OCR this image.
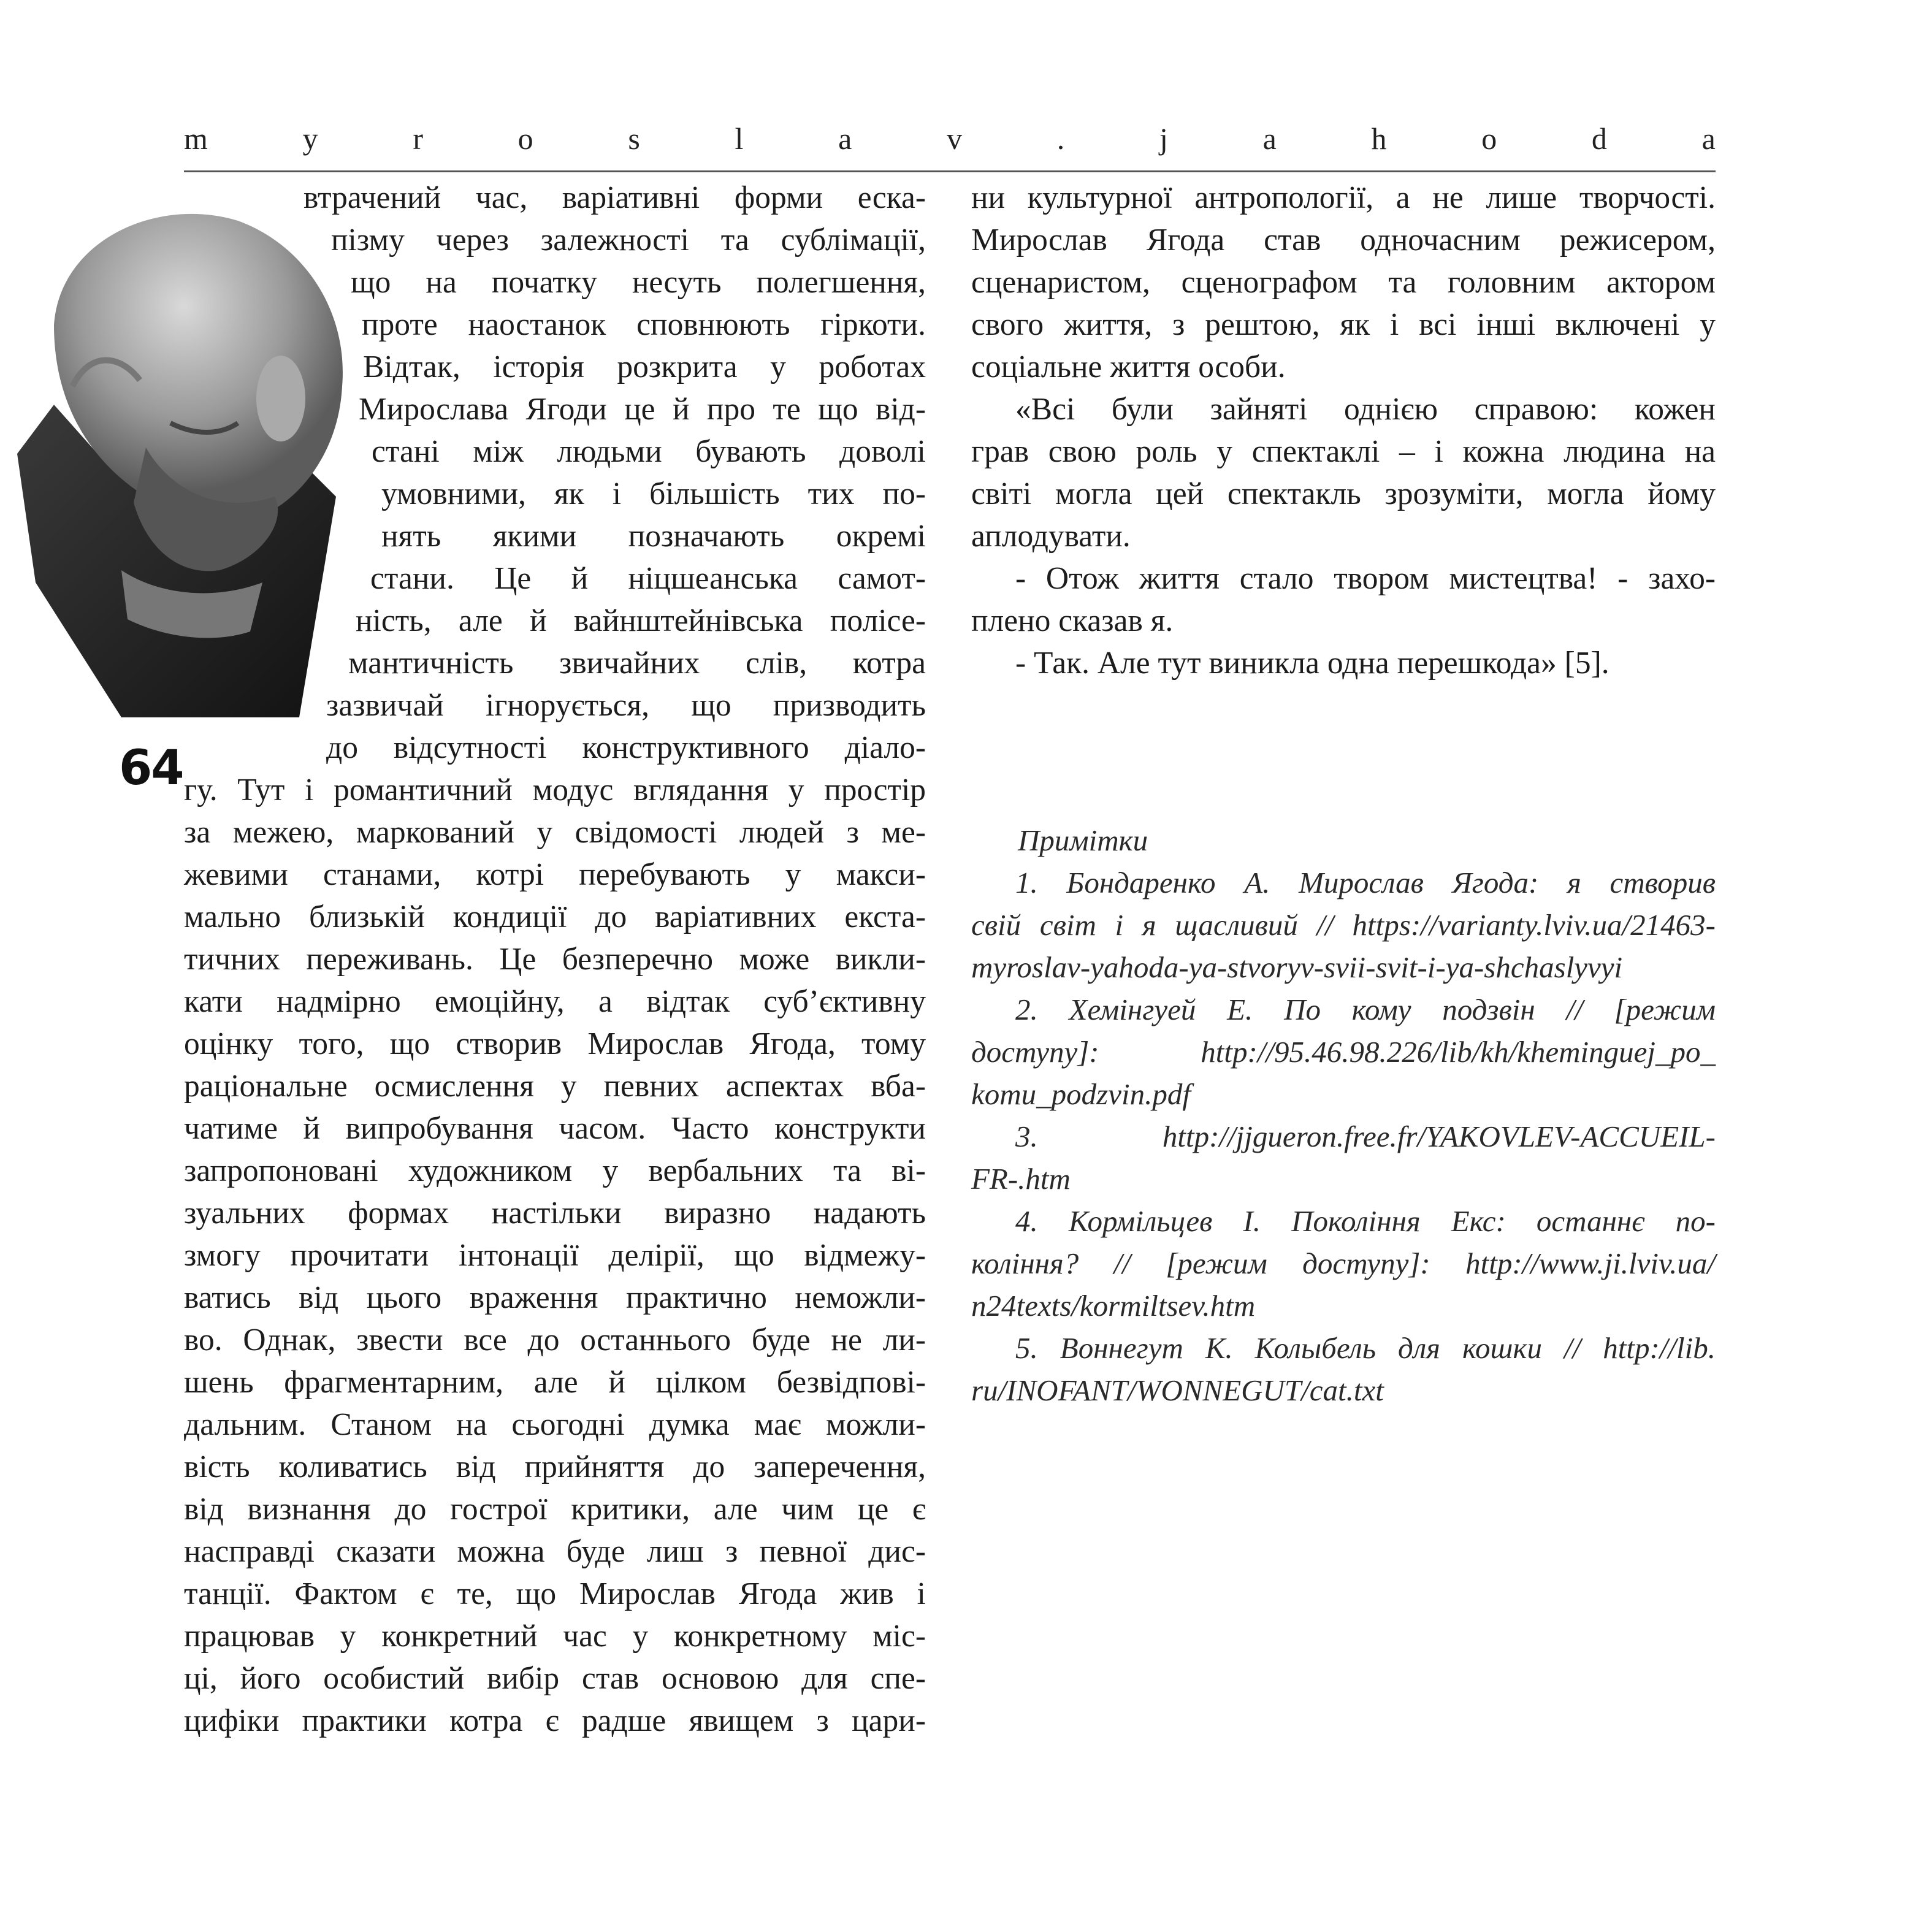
m	y	r	o	s	l	a	v	.	j	a	h	o	d	a
64
втрачений час, варіативні форми еска-
пізму через залежності та сублімації,
що на початку несуть полегшення,
проте наостанок сповнюють гіркоти.
Відтак, історія розкрита у роботах
Мирослава Ягоди це й про те що від-
стані між людьми бувають доволі
умовними, як і більшість тих по-
нять якими позначають окремі
стани. Це й ніцшеанська самот-
ність, але й вайнштейнівська полісе-
мантичність звичайних слів, котра
зазвичай ігнорується, що призводить
до відсутності конструктивного діало-
гу. Тут і романтичний модус вглядання у простір
за межею, маркований у свідомості людей з ме-
жевими станами, котрі перебувають у макси-
мально близькій кондиції до варіативних екста-
тичних переживань. Це безперечно може викли-
кати надмірно емоційну, а відтак суб’єктивну
оцінку того, що створив Мирослав Ягода, тому
раціональне осмислення у певних аспектах вба-
чатиме й випробування часом. Часто конструкти
запропоновані художником у вербальних та ві-
зуальних формах настільки виразно надають
змогу прочитати інтонації делірії, що відмежу-
ватись від цього враження практично неможли-
во. Однак, звести все до останнього буде не ли-
шень фрагментарним, але й цілком безвідпові-
дальним. Станом на сьогодні думка має можли-
вість коливатись від прийняття до заперечення,
від визнання до гострої критики, але чим це є
насправді сказати можна буде лиш з певної дис-
танції. Фактом є те, що Мирослав Ягода жив і
працював у конкретний час у конкретному міс-
ці, його особистий вибір став основою для спе-
цифіки практики котра є радше явищем з цари-
ни культурної антропології, а не лише творчості.
Мирослав Ягода став одночасним режисером,
сценаристом, сценографом та головним актором
свого життя, з рештою, як і всі інші включені у
соціальне життя особи.
«Всі були зайняті однією справою: кожен
грав свою роль у спектаклі – і кожна людина на
світі могла цей спектакль зрозуміти, могла йому
аплодувати.
- Отож життя стало твором мистецтва! - захо-
плено сказав я.
- Так. Але тут виникла одна перешкода» [5].
Примітки
1. Бондаренко А. Мирослав Ягода: я створив
свій світ і я щасливий // https://varianty.lviv.ua/21463-
myroslav-yahoda-ya-stvoryv-svii-svit-i-ya-shchaslyvyi
2. Хемінгуей Е. По кому подзвін // [режим
доступу]: http://95.46.98.226/lib/kh/kheminguej_po_
komu_podzvin.pdf
3. http://jjgueron.free.fr/YAKOVLEV-ACCUEIL-
FR-.htm
4. Кормільцев І. Покоління Екс: останнє по-
коління? // [режим доступу]: http://www.ji.lviv.ua/
n24texts/kormiltsev.htm
5. Воннегут К. Колыбель для кошки // http://lib.
ru/INOFANT/WONNEGUT/cat.txt
